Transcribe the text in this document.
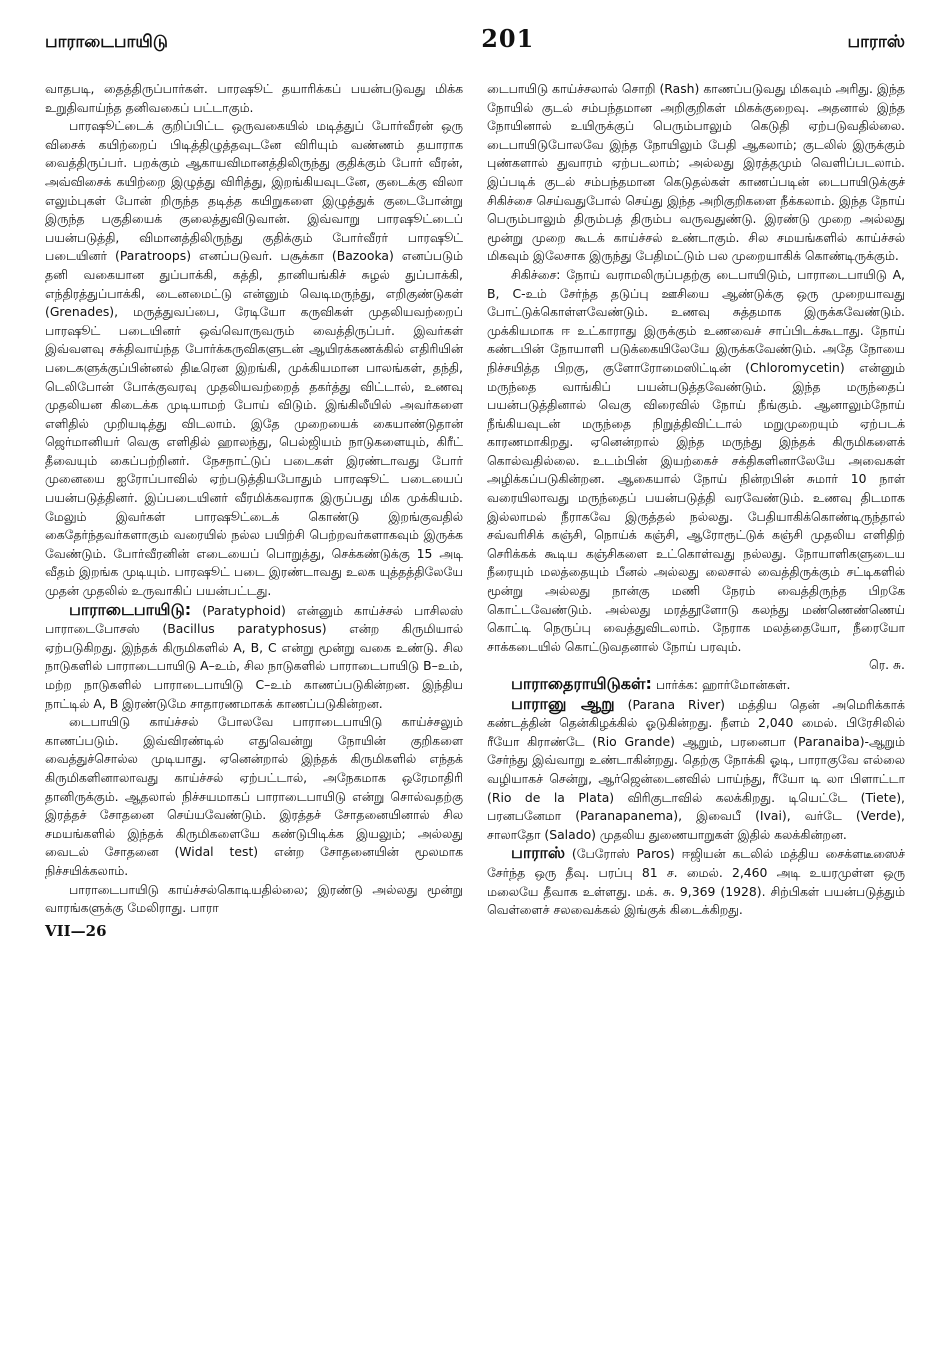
பாராடைபாயிடு	201	பாராஸ்

வாதபடி, தைத்திருப்பார்கள். பாரஷூட் தயாரிக்கப் பயன்படுவது மிக்க உறுதிவாய்ந்த தனிவகைப் பட்டாகும்.

பாரஷூட்டைக் குறிப்பிட்ட ஒருவகையில் மடித்துப் போர்வீரன் ஒரு விசைக் கயிற்றைப் பிடித்திழுத்தவுடனே விரியும் வண்ணம் தயாராக வைத்திருப்பர். பறக்கும் ஆகாயவிமானத்திலிருந்து குதிக்கும் போர் வீரன், அவ்விசைக் கயிற்றை இழுத்து விரித்து, இறங்கியவுடனே, குடைக்கு விலா எலும்புகள் போன் றிருந்த தடித்த கயிறுகளை இழுத்துக் குடைபோன்று இருந்த பகுதியைக் குலைத்துவிடுவான். இவ்வாறு பாரஷூட்டைப் பயன்படுத்தி, விமானத்திலிருந்து குதிக்கும் போர்வீரர் பாரஷூட் படையினர் (Paratroops) எனப்படுவர். பசூக்கா (Bazooka) எனப்படும் தனி வகையான துப்பாக்கி, கத்தி, தானியங்கிச் சுழல் துப்பாக்கி, எந்திரத்துப்பாக்கி, டைனமைட்டு என்னும் வெடிமருந்து, எறிகுண்டுகள் (Grenades), மருத்துவப்பை, ரேடியோ கருவிகள் முதலியவற்றைப் பாரஷூட் படையினர் ஒவ்வொருவரும் வைத்திருப்பர். இவர்கள் இவ்வளவு சக்திவாய்ந்த போர்க்கருவிகளுடன் ஆயிரக்கணக்கில் எதிரியின் படைகளுக்குப்பின்னல் திடீரென இறங்கி, முக்கியமான பாலங்கள், தந்தி, டெலிபோன் போக்குவரவு முதலியவற்றைத் தகர்த்து விட்டால், உணவு முதலியன கிடைக்க முடியாமற் போய் விடும். இங்கிலீயில் அவர்களை எளிதில் முறியடித்து விடலாம். இதே முறையைக் கையாண்டுதான் ஜெர்மானியர் வெகு எளிதில் ஹாலந்து, பெல்ஜியம் நாடுகளையும், கிரீட் தீவையும் கைப்பற்றினர். நேசநாட்டுப் படைகள் இரண்டாவது போர் முனையை ஐரோப்பாவில் ஏற்படுத்தியபோதும் பாரஷூட் படையைப் பயன்படுத்தினர். இப்படையினர் வீரமிக்கவராக இருப்பது மிக முக்கியம். மேலும் இவர்கள் பாரஷூட்டைக் கொண்டு இறங்குவதில் கைதேர்ந்தவர்களாகும் வரையில் நல்ல பயிற்சி பெற்றவர்களாகவும் இருக்க வேண்டும். போர்வீரனின் எடையைப் பொறுத்து, செக்கண்டுக்கு 15 அடி வீதம் இறங்க முடியும். பாரஷூட் படை இரண்டாவது உலக யுத்தத்திலேயே முதன் முதலில் உருவாகிப் பயன்பட்டது.

பாராடைபாயிடு: (Paratyphoid) என்னும் காய்ச்சல் பாசிலஸ் பாராடைபோசஸ் (Bacillus paratyphosus) என்ற கிருமியால் ஏற்படுகிறது. இந்தக் கிருமிகளில் A, B, C என்று மூன்று வகை உண்டு. சில நாடுகளில் பாராடைபாயிடு A–உம், சில நாடுகளில் பாராடைபாயிடு B–உம், மற்ற நாடுகளில் பாராடைபாயிடு C–உம் காணப்படுகின்றன. இந்திய நாட்டில் A, B இரண்டுமே சாதாரணமாகக் காணப்படுகின்றன.

டைபாயிடு காய்ச்சல் போலவே பாராடைபாயிடு காய்ச்சலும் காணப்படும். இவ்விரண்டில் எதுவென்று நோயின் குறிகளை வைத்துச்சொல்ல முடியாது. ஏனென்றால் இந்தக் கிருமிகளில் எந்தக் கிருமிகளினாலாவது காய்ச்சல் ஏற்பட்டால், அநேகமாக ஒரேமாதிரி தானிருக்கும். ஆதலால் நிச்சயமாகப் பாராடைபாயிடு என்று சொல்வதற்கு இரத்தச் சோதனை செய்யவேண்டும். இரத்தச் சோதனையினால் சில சமயங்களில் இந்தக் கிருமிகளையே கண்டுபிடிக்க இயலும்; அல்லது வைடல் சோதனை (Widal test) என்ற சோதனையின் மூலமாக நிச்சயிக்கலாம்.

பாராடைபாயிடு காய்ச்சல்கொடியதில்லை; இரண்டு அல்லது மூன்று வாரங்களுக்கு மேலிராது. பாரா

VII—26

டைபாயிடு காய்ச்சலால் சொறி (Rash) காணப்படுவது மிகவும் அரிது. இந்த நோயில் குடல் சம்பந்தமான அறிகுறிகள் மிகக்குறைவு. அதனால் இந்த நோயினால் உயிருக்குப் பெரும்பாலும் கெடுதி ஏற்படுவதில்லை. டைபாயிடுபோலவே இந்த நோயிலும் பேதி ஆகலாம்; குடலில் இருக்கும் புண்களால் துவாரம் ஏற்படலாம்; அல்லது இரத்தமும் வெளிப்படலாம். இப்படிக் குடல் சம்பந்தமான கெடுதல்கள் காணப்படின் டைபாயிடுக்குச் சிகிச்சை செய்வதுபோல் செய்து இந்த அறிகுறிகளை நீக்கலாம். இந்த நோய் பெரும்பாலும் திரும்பத் திரும்ப வருவதுண்டு. இரண்டு முறை அல்லது மூன்று முறை கூடக் காய்ச்சல் உண்டாகும். சில சமயங்களில் காய்ச்சல் மிகவும் இலேசாக இருந்து பேதிமட்டும் பல முறையாகிக் கொண்டிருக்கும்.

சிகிச்சை: நோய் வராமலிருப்பதற்கு டைபாயிடும், பாராடைபாயிடு A, B, C-உம் சேர்ந்த தடுப்பு ஊசியை ஆண்டுக்கு ஒரு முறையாவது போட்டுக்கொள்ளவேண்டும். உணவு சுத்தமாக இருக்கவேண்டும். முக்கியமாக ஈ உட்காராது இருக்கும் உணவைச் சாப்பிடக்கூடாது. நோய் கண்டபின் நோயாளி படுக்கையிலேயே இருக்கவேண்டும். அதே நோயை நிச்சயித்த பிறகு, குளோரோமைஸிட்டின் (Chloromycetin) என்னும் மருந்தை வாங்கிப் பயன்படுத்தவேண்டும். இந்த மருந்தைப் பயன்படுத்தினால் வெகு விரைவில் நோய் நீங்கும். ஆனாலும்நோய் நீங்கியவுடன் மருந்தை நிறுத்திவிட்டால் மறுமுறையும் ஏற்படக் காரணமாகிறது. ஏனென்றால் இந்த மருந்து இந்தக் கிருமிகளைக் கொல்வதில்லை. உடம்பின் இயற்கைச் சக்திகளினாலேயே அவைகள் அழிக்கப்படுகின்றன. ஆகையால் நோய் நின்றபின் சுமார் 10 நாள் வரையிலாவது மருந்தைப் பயன்படுத்தி வரவேண்டும். உணவு திடமாக இல்லாமல் நீராகவே இருத்தல் நல்லது. பேதியாகிக்கொண்டிருந்தால் சவ்வரிசிக் கஞ்சி, நொய்க் கஞ்சி, ஆரோரூட்டுக் கஞ்சி முதலிய எளிதிற் செரிக்கக் கூடிய கஞ்சிகளை உட்கொள்வது நல்லது. நோயாளிகளுடைய நீரையும் மலத்தையும் பீனல் அல்லது லைசால் வைத்திருக்கும் சட்டிகளில் மூன்று அல்லது நான்கு மணி நேரம் வைத்திருந்த பிறகே கொட்டவேண்டும். அல்லது மரத்தூளோடு கலந்து மண்ணெண்ணெய் கொட்டி நெருப்பு வைத்துவிடலாம். நேராக மலத்தையோ, நீரையோ சாக்கடையில் கொட்டுவதனால் நோய் பரவும்.

ரெ. சு.

பாராதைராயிடுகள்: பார்க்க: ஹார்மோன்கள்.

பாரானு ஆறு (Parana River) மத்திய தென் அமெரிக்காக் கண்டத்தின் தென்கிழக்கில் ஓடுகின்றது. நீளம் 2,040 மைல். பிரேசிலில் ரீயோ கிராண்டே (Rio Grande) ஆறும், பரனைபா (Paranaiba)-ஆறும் சேர்ந்து இவ்வாறு உண்டாகின்றது. தெற்கு நோக்கி ஓடி, பாராகுவே எல்லை வழியாகச் சென்று, ஆர்ஜென்டைனவில் பாய்ந்து, ரீயோ டி லா பிளாட்டா (Rio de la Plata) விரிகுடாவில் கலக்கிறது. டியெட்டே (Tiete), பரனபனேமா (Paranapanema), இவைபீ (Ivai), வர்டே (Verde), சாலாதோ (Salado) முதலிய துணையாறுகள் இதில் கலக்கின்றன.

பாராஸ் (பேரோஸ் Paros) ஈஜியன் கடலில் மத்திய சைக்ளடீஸைச் சேர்ந்த ஒரு தீவு. பரப்பு 81 ச. மைல். 2,460 அடி உயரமுள்ள ஒரு மலையே தீவாக உள்ளது. மக். சு. 9,369 (1928). சிற்பிகள் பயன்படுத்தும் வெள்ளைச் சலவைக்கல் இங்குக் கிடைக்கிறது.
